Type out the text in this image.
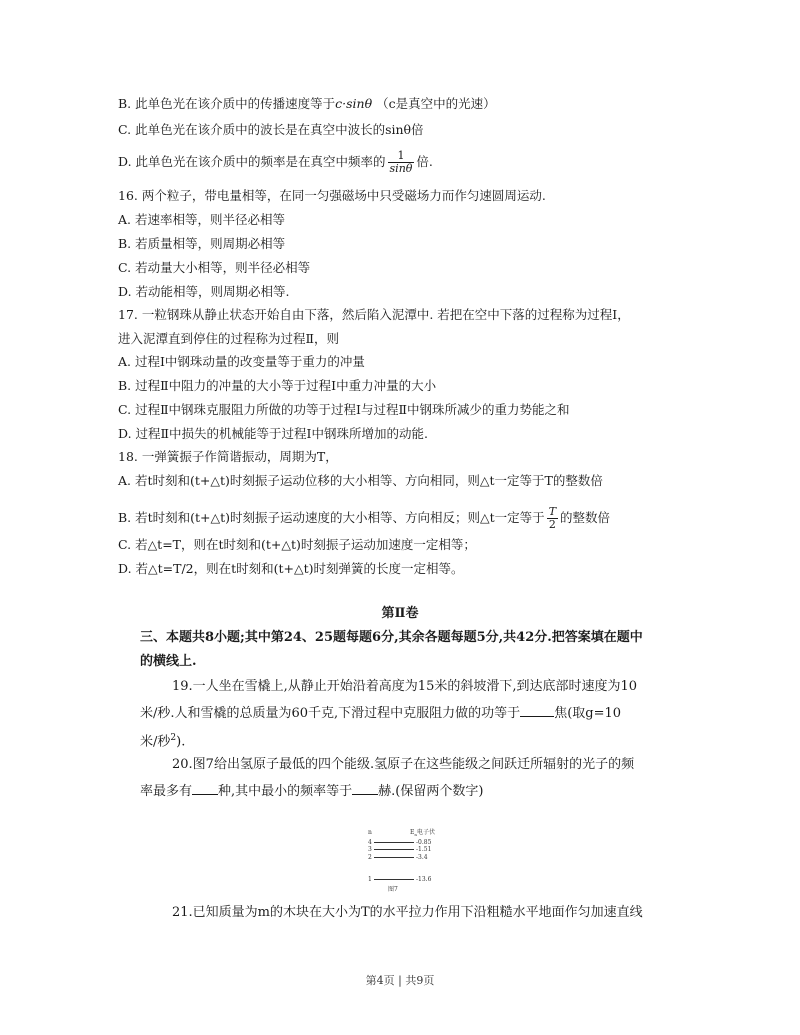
B. 此单色光在该介质中的传播速度等于c·sinθ （c是真空中的光速）
C. 此单色光在该介质中的波长是在真空中波长的sinθ倍
D. 此单色光在该介质中的频率是在真空中频率的 $\frac{1}{\sin\theta}$ 倍.
16. 两个粒子，带电量相等，在同一匀强磁场中只受磁场力而作匀速圆周运动.
A. 若速率相等，则半径必相等
B. 若质量相等，则周期必相等
C. 若动量大小相等，则半径必相等
D. 若动能相等，则周期必相等.
17. 一粒钢珠从静止状态开始自由下落，然后陷入泥潭中. 若把在空中下落的过程称为过程Ⅰ，
进入泥潭直到停住的过程称为过程Ⅱ，则
A. 过程Ⅰ中钢珠动量的改变量等于重力的冲量
B. 过程Ⅱ中阻力的冲量的大小等于过程Ⅰ中重力冲量的大小
C. 过程Ⅱ中钢珠克服阻力所做的功等于过程Ⅰ与过程Ⅱ中钢珠所减少的重力势能之和
D. 过程Ⅱ中损失的机械能等于过程Ⅰ中钢珠所增加的动能.
18. 一弹簧振子作简谐振动，周期为T，
A. 若t时刻和(t+△t)时刻振子运动位移的大小相等、方向相同，则△t一定等于T的整数倍
B. 若t时刻和(t+△t)时刻振子运动速度的大小相等、方向相反；则△t一定等于 $\frac{T}{2}$ 的整数倍
C. 若△t=T，则在t时刻和(t+△t)时刻振子运动加速度一定相等；
D. 若△t=T/2，则在t时刻和(t+△t)时刻弹簧的长度一定相等。
第Ⅱ卷
三、本题共8小题;其中第24、25题每题6分,其余各题每题5分,共42分.把答案填在题中
的横线上.
19.一人坐在雪橇上,从静止开始沿着高度为15米的斜坡滑下,到达底部时速度为10
米/秒.人和雪橇的总质量为60千克,下滑过程中克服阻力做的功等于	焦(取g=10
米/秒$^2$).
20.图7给出氢原子最低的四个能级.氢原子在这些能级之间跃迁所辐射的光子的频
率最多有 种,其中最小的频率等于 赫.(保留两个数字)
n	$E_n$电子伏
4	-0.85
3	-1.51
2	-3.4
1	-13.6
图7
21.已知质量为m的木块在大小为T的水平拉力作用下沿粗糙水平地面作匀加速直线
第4页 | 共9页
